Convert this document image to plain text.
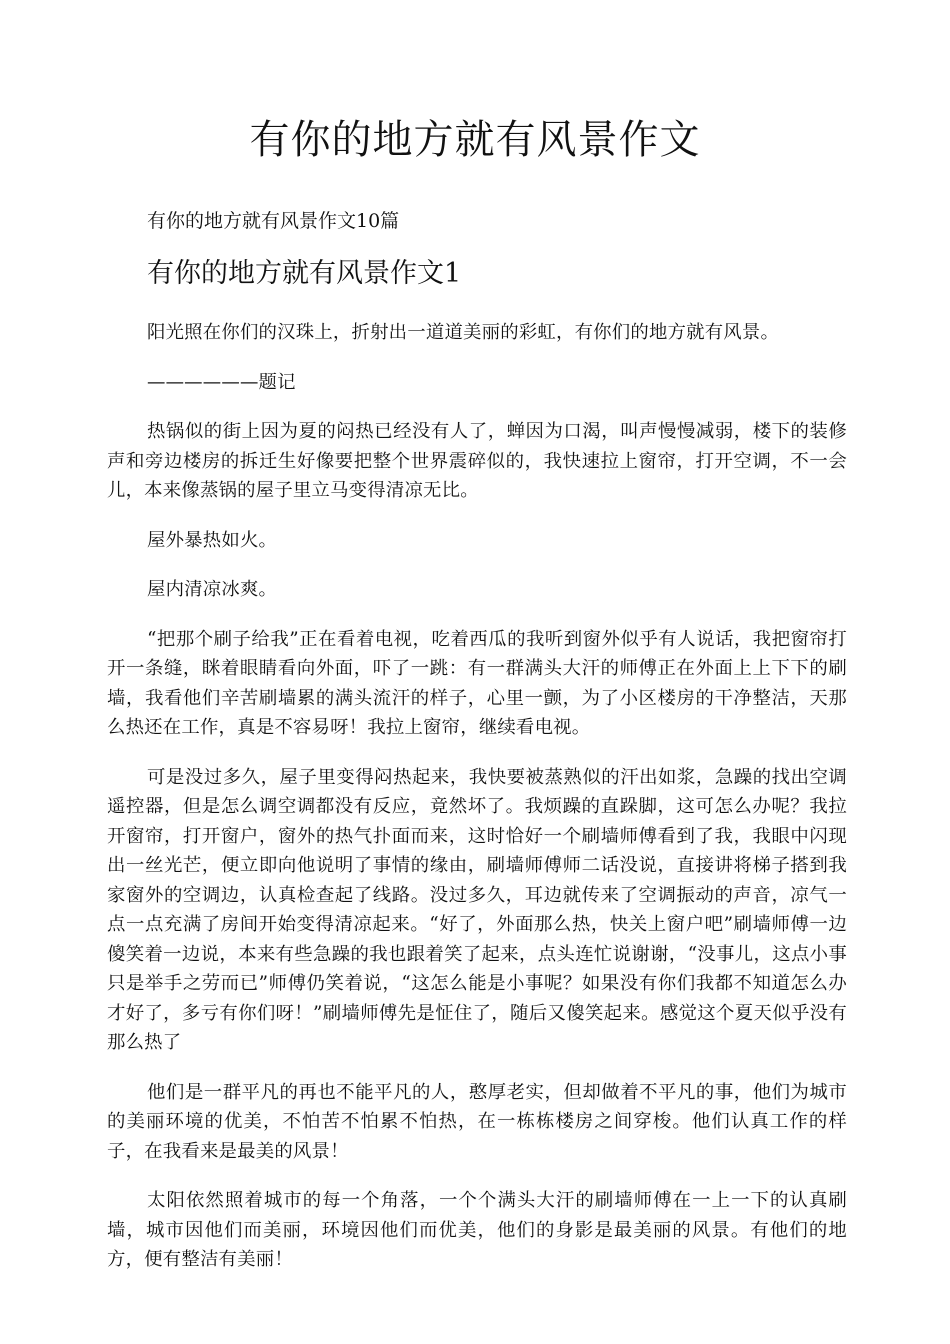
有你的地方就有风景作文

有你的地方就有风景作文10篇

有你的地方就有风景作文1

阳光照在你们的汉珠上，折射出一道道美丽的彩虹，有你们的地方就有风景。

——————题记

热锅似的街上因为夏的闷热已经没有人了，蝉因为口渴，叫声慢慢减弱，楼下的装修声和旁边楼房的拆迁生好像要把整个世界震碎似的，我快速拉上窗帘，打开空调，不一会儿，本来像蒸锅的屋子里立马变得清凉无比。

屋外暴热如火。

屋内清凉冰爽。

“把那个刷子给我”正在看着电视，吃着西瓜的我听到窗外似乎有人说话，我把窗帘打开一条缝，眯着眼睛看向外面，吓了一跳：有一群满头大汗的师傅正在外面上上下下的刷墙，我看他们辛苦刷墙累的满头流汗的样子，心里一颤，为了小区楼房的干净整洁，天那么热还在工作，真是不容易呀！我拉上窗帘，继续看电视。

可是没过多久，屋子里变得闷热起来，我快要被蒸熟似的汗出如浆，急躁的找出空调遥控器，但是怎么调空调都没有反应，竟然坏了。我烦躁的直跺脚，这可怎么办呢？我拉开窗帘，打开窗户，窗外的热气扑面而来，这时恰好一个刷墙师傅看到了我，我眼中闪现出一丝光芒，便立即向他说明了事情的缘由，刷墙师傅师二话没说，直接讲将梯子搭到我家窗外的空调边，认真检查起了线路。没过多久，耳边就传来了空调振动的声音，凉气一点一点充满了房间开始变得清凉起来。“好了，外面那么热，快关上窗户吧”刷墙师傅一边傻笑着一边说，本来有些急躁的我也跟着笑了起来，点头连忙说谢谢，“没事儿，这点小事只是举手之劳而已”师傅仍笑着说，“这怎么能是小事呢？如果没有你们我都不知道怎么办才好了，多亏有你们呀！”刷墙师傅先是怔住了，随后又傻笑起来。感觉这个夏天似乎没有那么热了

他们是一群平凡的再也不能平凡的人，憨厚老实，但却做着不平凡的事，他们为城市的美丽环境的优美，不怕苦不怕累不怕热，在一栋栋楼房之间穿梭。他们认真工作的样子，在我看来是最美的风景！

太阳依然照着城市的每一个角落，一个个满头大汗的刷墙师傅在一上一下的认真刷墙，城市因他们而美丽，环境因他们而优美，他们的身影是最美丽的风景。有他们的地方，便有整洁有美丽！
